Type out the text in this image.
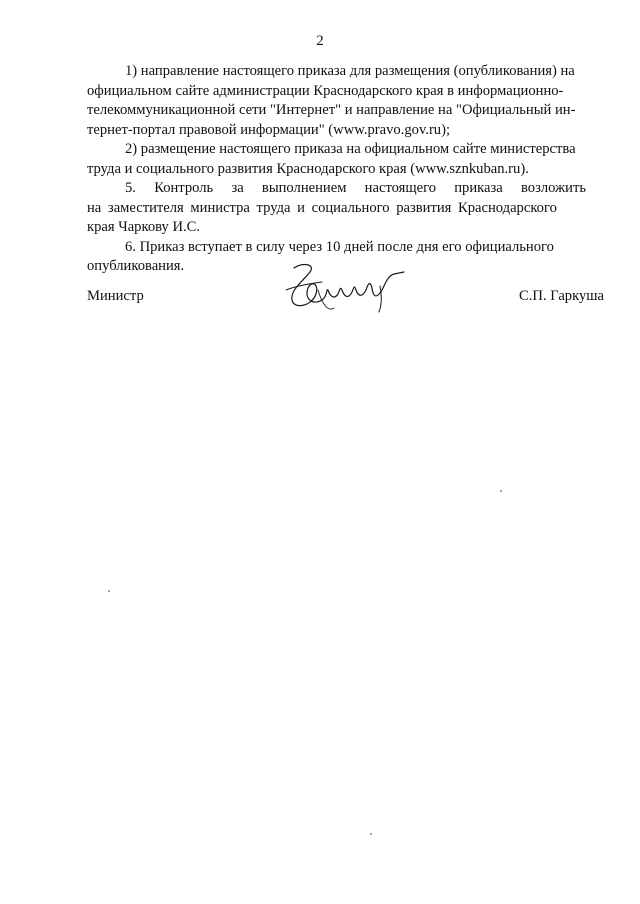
2

1) направление настоящего приказа для размещения (опубликования) на
официальном сайте администрации Краснодарского края в информационно-
телекоммуникационной сети "Интернет" и направление на "Официальный ин-
тернет-портал правовой информации" (www.pravo.gov.ru);

2) размещение настоящего приказа на официальном сайте министерства
труда и социального развития Краснодарского края (www.sznkuban.ru).

5.     Контроль     за     выполнением     настоящего     приказа     возложить
на заместителя министра труда и социального развития Краснодарского
края Чаркову И.С.

6. Приказ вступает в силу через 10 дней после дня его официального
опубликования.

Министр	С.П. Гаркуша
